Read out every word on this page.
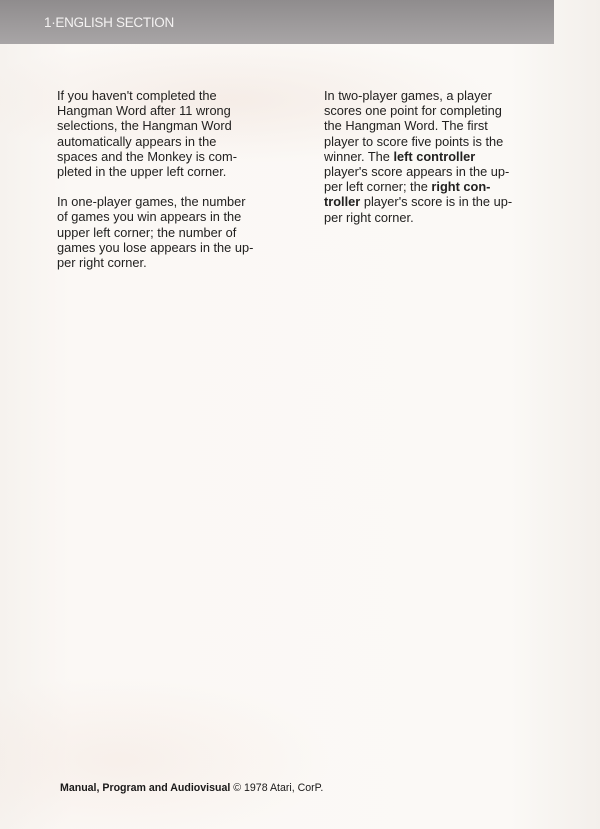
1·ENGLISH SECTION

If you haven't completed the
Hangman Word after 11 wrong
selections, the Hangman Word
automatically appears in the
spaces and the Monkey is com-
pleted in the upper left corner.

In one-player games, the number
of games you win appears in the
upper left corner; the number of
games you lose appears in the up-
per right corner.

In two-player games, a player
scores one point for completing
the Hangman Word. The first
player to score five points is the
winner. The left controller
player's score appears in the up-
per left corner; the right con-
troller player's score is in the up-
per right corner.

Manual, Program and Audiovisual © 1978 Atari, CorP.
